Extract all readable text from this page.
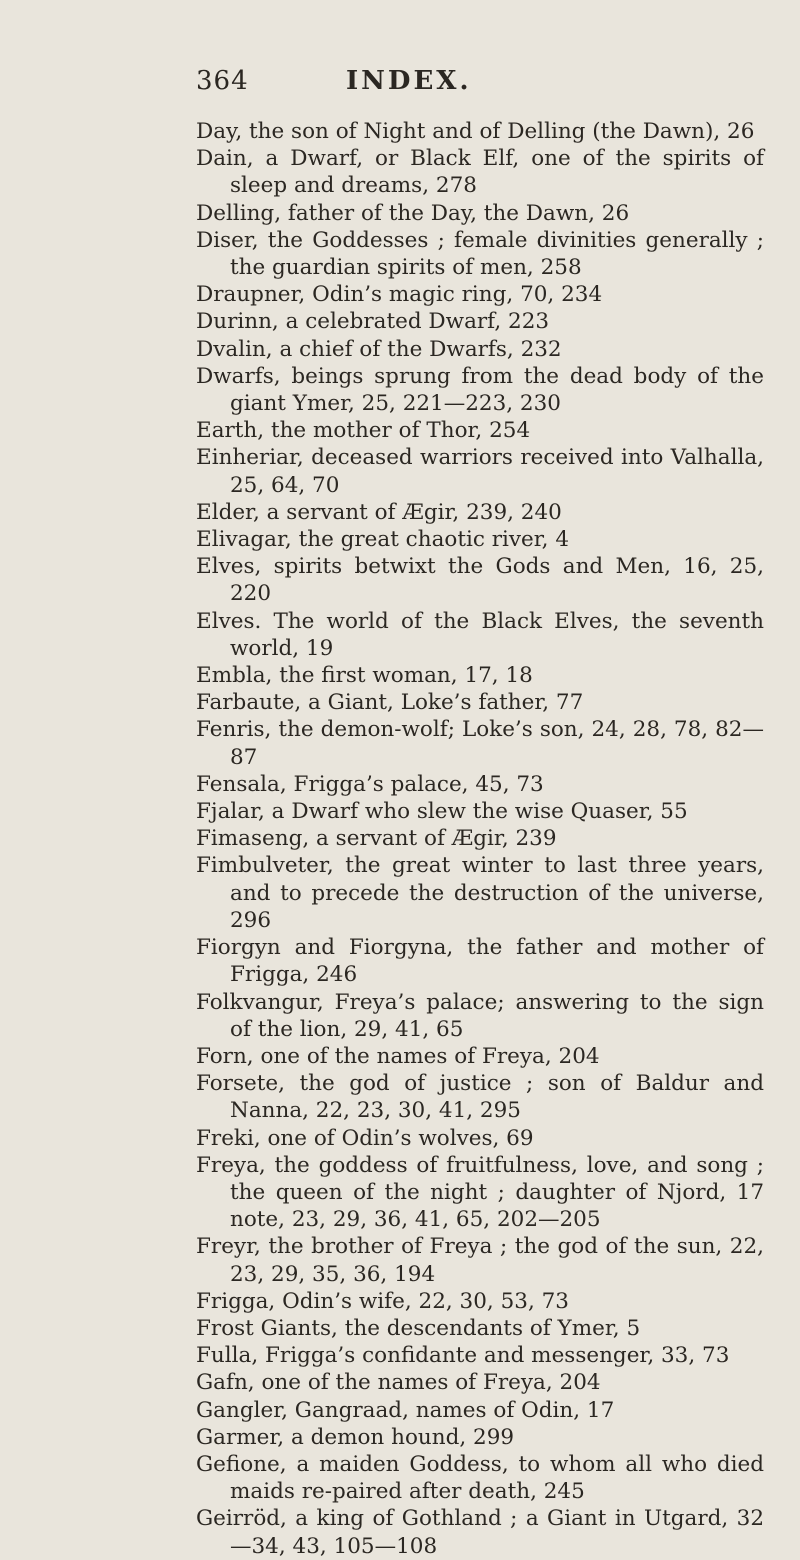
364	INDEX.

Day, the son of Night and of Delling (the Dawn), 26

Dain, a Dwarf, or Black Elf, one of the spirits of sleep and dreams, 278

Delling, father of the Day, the Dawn, 26

Diser, the Goddesses ; female divinities generally ; the guardian spirits of men, 258

Draupner, Odin’s magic ring, 70, 234

Durinn, a celebrated Dwarf, 223

Dvalin, a chief of the Dwarfs, 232

Dwarfs, beings sprung from the dead body of the giant Ymer, 25, 221—223, 230

Earth, the mother of Thor, 254

Einheriar, deceased warriors received into Valhalla, 25, 64, 70

Elder, a servant of Ægir, 239, 240

Elivagar, the great chaotic river, 4

Elves, spirits betwixt the Gods and Men, 16, 25, 220

Elves. The world of the Black Elves, the seventh world, 19

Embla, the first woman, 17, 18

Farbaute, a Giant, Loke’s father, 77

Fenris, the demon-wolf; Loke’s son, 24, 28, 78, 82—87

Fensala, Frigga’s palace, 45, 73

Fjalar, a Dwarf who slew the wise Quaser, 55

Fimaseng, a servant of Ægir, 239

Fimbulveter, the great winter to last three years, and to precede the destruction of the universe, 296

Fiorgyn and Fiorgyna, the father and mother of Frigga, 246

Folkvangur, Freya’s palace; answering to the sign of the lion, 29, 41, 65

Forn, one of the names of Freya, 204

Forsete, the god of justice ; son of Baldur and Nanna, 22, 23, 30, 41, 295

Freki, one of Odin’s wolves, 69

Freya, the goddess of fruitfulness, love, and song ; the queen of the night ; daughter of Njord, 17 note, 23, 29, 36, 41, 65, 202—205

Freyr, the brother of Freya ; the god of the sun, 22, 23, 29, 35, 36, 194

Frigga, Odin’s wife, 22, 30, 53, 73

Frost Giants, the descendants of Ymer, 5

Fulla, Frigga’s confidante and messenger, 33, 73

Gafn, one of the names of Freya, 204

Gangler, Gangraad, names of Odin, 17

Garmer, a demon hound, 299

Gefione, a maiden Goddess, to whom all who died maids re-paired after death, 245

Geirröd, a king of Gothland ; a Giant in Utgard, 32—34, 43, 105—108
